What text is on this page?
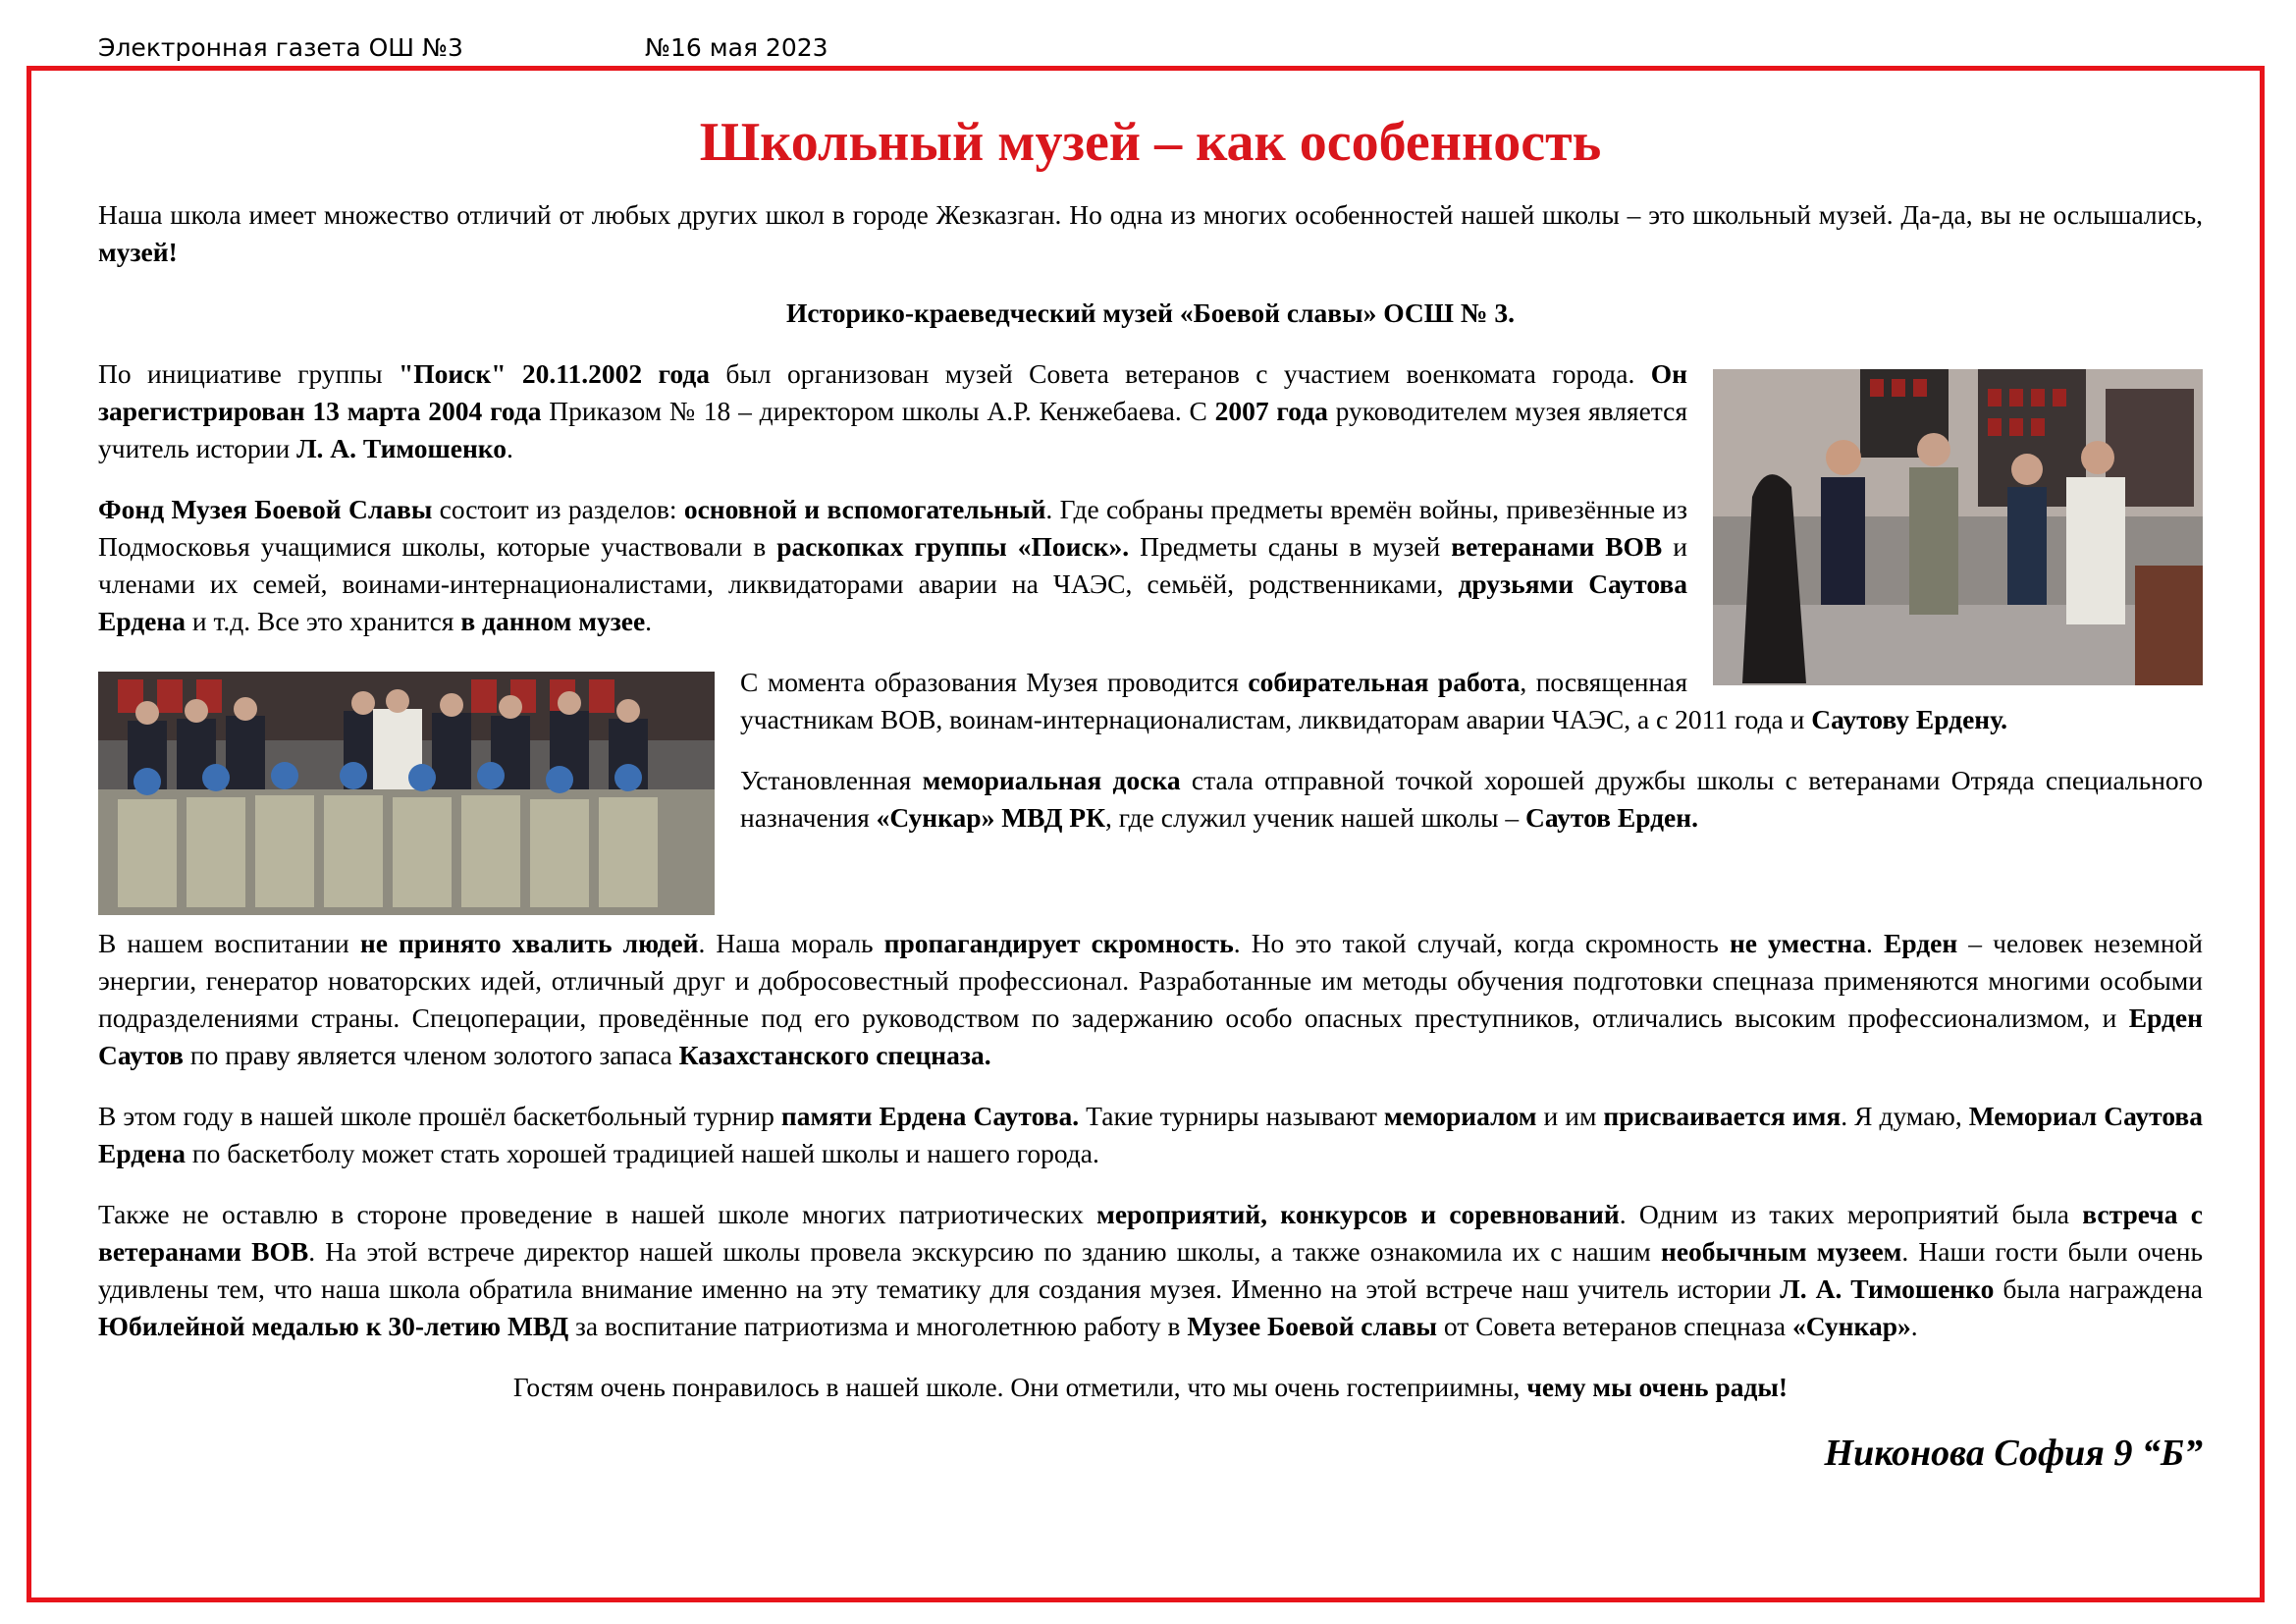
Электронная газета ОШ №3	№16 мая 2023
Школьный музей – как особенность

Наша школа имеет множество отличий от любых других школ в городе Жезказган. Но одна из многих особенностей нашей школы – это школьный музей. Да-да, вы не ослышались, музей!

Историко-краеведческий музей «Боевой славы» ОСШ № 3.

По инициативе группы "Поиск" 20.11.2002 года был организован музей Совета ветеранов с участием военкомата города. Он зарегистрирован 13 марта 2004 года Приказом № 18 – директором школы А.Р. Кенжебаева. С 2007 года руководителем музея является учитель истории Л. А. Тимошенко.

Фонд Музея Боевой Славы состоит из разделов: основной и вспомогательный. Где собраны предметы времён войны, привезённые из Подмосковья учащимися школы, которые участвовали в раскопках группы «Поиск». Предметы сданы в музей ветеранами ВОВ и членами их семей, воинами-интернационалистами, ликвидаторами аварии на ЧАЭС, семьёй, родственниками, друзьями Саутова Ердена и т.д. Все это хранится в данном музее.

С момента образования Музея проводится собирательная работа, посвященная участникам ВОВ, воинам-интернационалистам, ликвидаторам аварии ЧАЭС, а с 2011 года и Саутову Ердену.

Установленная мемориальная доска стала отправной точкой хорошей дружбы школы с ветеранами Отряда специального назначения «Сункар» МВД РК, где служил ученик нашей школы – Саутов Ерден.

В нашем воспитании не принято хвалить людей. Наша мораль пропагандирует скромность. Но это такой случай, когда скромность не уместна. Ерден – человек неземной энергии, генератор новаторских идей, отличный друг и добросовестный профессионал. Разработанные им методы обучения подготовки спецназа применяются многими особыми подразделениями страны. Спецоперации, проведённые под его руководством по задержанию особо опасных преступников, отличались высоким профессионализмом, и Ерден Саутов по праву является членом золотого запаса Казахстанского спецназа.

В этом году в нашей школе прошёл баскетбольный турнир памяти Ердена Саутова. Такие турниры называют мемориалом и им присваивается имя. Я думаю, Мемориал Саутова Ердена по баскетболу может стать хорошей традицией нашей школы и нашего города.

Также не оставлю в стороне проведение в нашей школе многих патриотических мероприятий, конкурсов и соревнований. Одним из таких мероприятий была встреча с ветеранами ВОВ. На этой встрече директор нашей школы провела экскурсию по зданию школы, а также ознакомила их с нашим необычным музеем. Наши гости были очень удивлены тем, что наша школа обратила внимание именно на эту тематику для создания музея. Именно на этой встрече наш учитель истории Л. А. Тимошенко была награждена Юбилейной медалью к 30-летию МВД за воспитание патриотизма и многолетнюю работу в Музее Боевой славы от Совета ветеранов спецназа «Сункар».

Гостям очень понравилось в нашей школе. Они отметили, что мы очень гостеприимны, чему мы очень рады!

Никонова София 9 “Б”
